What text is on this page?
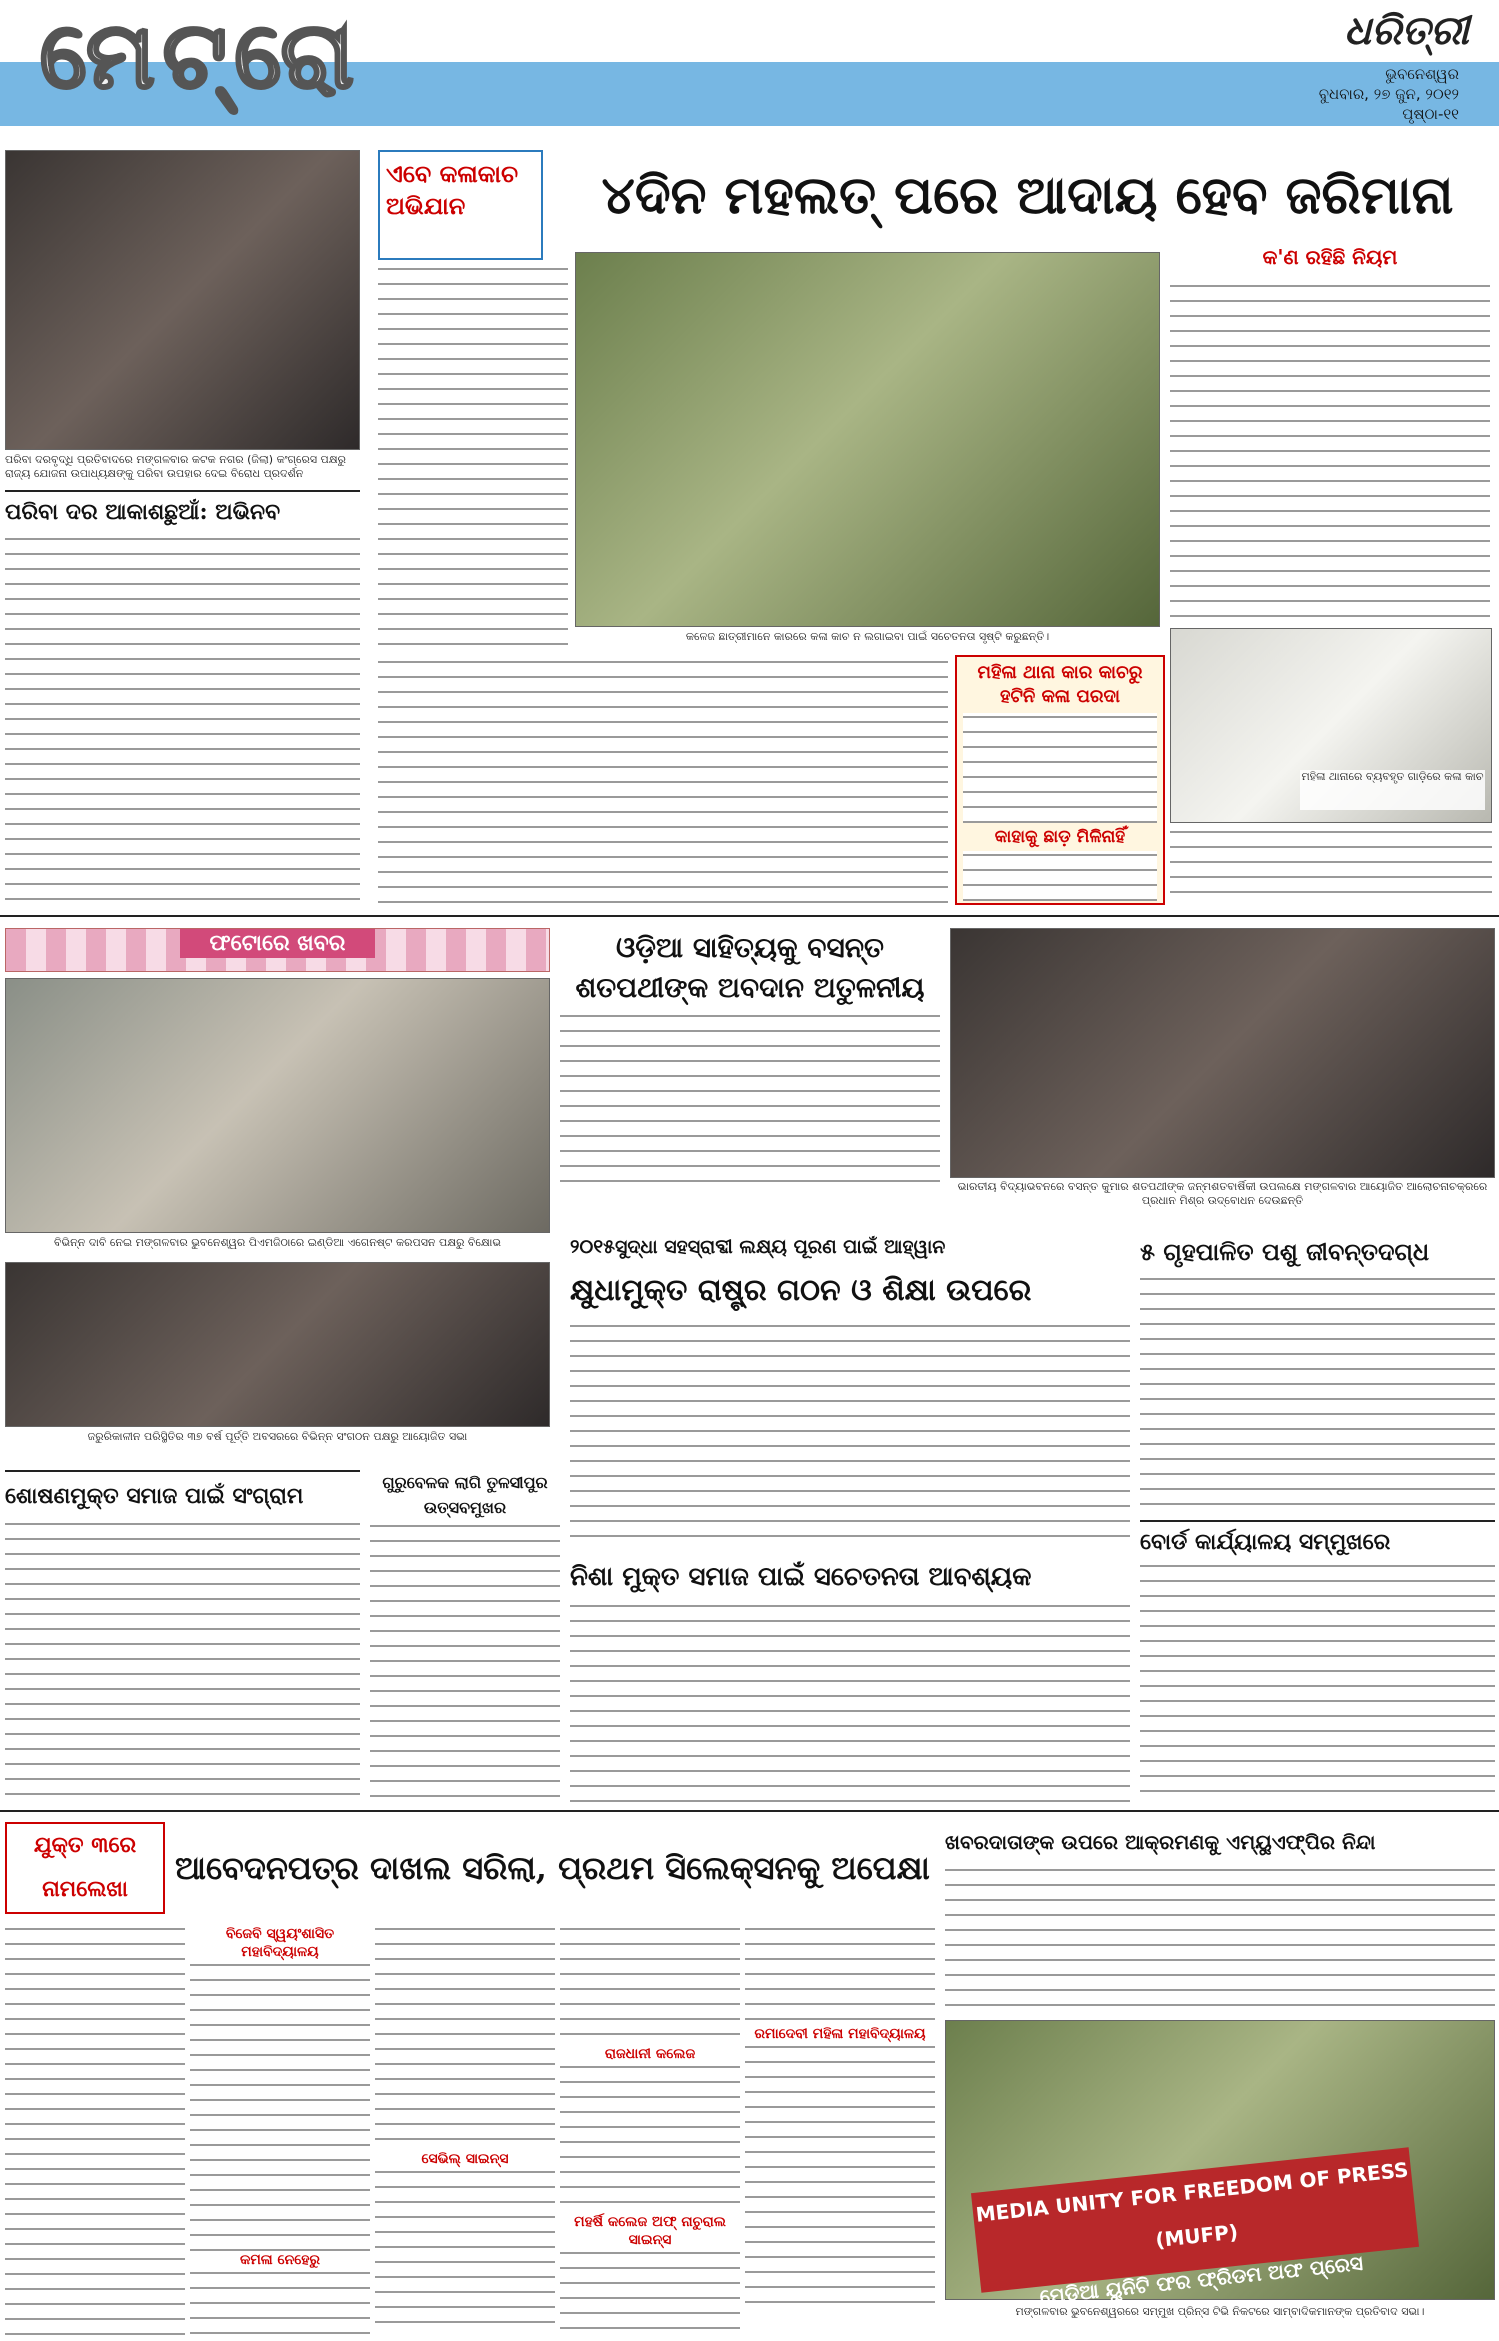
ମେଟ୍ରୋ	ଧରିତ୍ରୀ
ଭୁବନେଶ୍ୱର
ବୁଧବାର, ୨୭ ଜୁନ, ୨୦୧୨
ପୃଷ୍ଠା-୧୧
ପରିବା ଦରବୃଦ୍ଧି ପ୍ରତିବାଦରେ ମଙ୍ଗଳବାର କଟକ ନଗର (ଜିଲା) କଂଗ୍ରେସ ପକ୍ଷରୁ ରାଜ୍ୟ ଯୋଜନା ଉପାଧ୍ୟକ୍ଷଙ୍କୁ ପରିବା ଉପହାର ଦେଇ ବିରୋଧ ପ୍ରଦର୍ଶନ
ପରିବା ଦର ଆକାଶଛୁଆଁ: ଅଭିନବ
ଏବେ କଳାକାଚ ଅଭିଯାନ	୪ଦିନ ମହଲତ୍ ପରେ ଆଦାୟ ହେବ ଜରିମାନା
କଳେଜ ଛାତ୍ରୀମାନେ କାରରେ କଳା କାଚ ନ ଲଗାଇବା ପାଇଁ ସଚେତନତା ସୃଷ୍ଟି କରୁଛନ୍ତି।
କ'ଣ ରହିଛି ନିୟମ
ମହିଳା ଥାନାରେ ବ୍ୟବହୃତ ଗାଡ଼ିରେ କଳା କାଚ
ମହିଳା ଥାନା କାର କାଚରୁ ହଟିନି କଳା ପରଦା
କାହାକୁ ଛାଡ଼ ମିଳିନାହିଁ
ଫଟୋରେ ଖବର
ବିଭିନ୍ନ ଦାବି ନେଇ ମଙ୍ଗଳବାର ଭୁବନେଶ୍ୱର ପିଏମଜିଠାରେ ଇଣ୍ଡିଆ ଏଗେନଷ୍ଟ କରପସନ ପକ୍ଷରୁ ବିକ୍ଷୋଭ
ଜରୁରିକାଳୀନ ପରିସ୍ଥିତିର ୩୭ ବର୍ଷ ପୂର୍ତ୍ତି ଅବସରରେ ବିଭିନ୍ନ ସଂଗଠନ ପକ୍ଷରୁ ଆୟୋଜିତ ସଭା
ଓଡ଼ିଆ ସାହିତ୍ୟକୁ ବସନ୍ତ ଶତପଥୀଙ୍କ ଅବଦାନ ଅତୁଳନୀୟ
ଭାରତୀୟ ବିଦ୍ୟାଭବନରେ ବସନ୍ତ କୁମାର ଶତପଥୀଙ୍କ ଜନ୍ମଶତବାର୍ଷିକୀ ଉପଲକ୍ଷେ ମଙ୍ଗଳବାର ଆୟୋଜିତ ଆଲୋଚନାଚକ୍ରରେ ପ୍ରଧାନ ମିଶ୍ର ଉଦ୍‌ବୋଧନ ଦେଉଛନ୍ତି
୨୦୧୫ସୁଦ୍ଧା ସହସ୍ରାବ୍ଦୀ ଲକ୍ଷ୍ୟ ପୂରଣ ପାଇଁ ଆହ୍ୱାନ
କ୍ଷୁଧାମୁକ୍ତ ରାଷ୍ଟ୍ର ଗଠନ ଓ ଶିକ୍ଷା ଉପରେ
୫ ଗୃହପାଳିତ ପଶୁ ଜୀବନ୍ତଦଗ୍ଧ
ବୋର୍ଡ କାର୍ଯ୍ୟାଳୟ ସମ୍ମୁଖରେ
ଶୋଷଣମୁକ୍ତ ସମାଜ ପାଇଁ ସଂଗ୍ରାମ
ଗୁରୁବେଳକ ଲାଗି ତୁଳସୀପୁର ଉତ୍ସବମୁଖର
ନିଶା ମୁକ୍ତ ସମାଜ ପାଇଁ ସଚେତନତା ଆବଶ୍ୟକ
ଯୁକ୍ତ ୩ରେ ନାମଲେଖା
ଆବେଦନପତ୍ର ଦାଖଲ ସରିଲା, ପ୍ରଥମ ସିଲେକ୍ସନକୁ ଅପେକ୍ଷା
ବିଜେବି ସ୍ୱୟଂଶାସିତ ମହାବିଦ୍ୟାଳୟ
କମଳା ନେହେରୁ
ସେଭିଲ୍ ସାଇନ୍ସ
ରାଜଧାନୀ କଲେଜ
ମହର୍ଷି କଲେଜ ଅଫ୍ ନାଚୁରାଲ ସାଇନ୍ସ
ରମାଦେବୀ ମହିଳା ମହାବିଦ୍ୟାଳୟ
ଖବରଦାତାଙ୍କ ଉପରେ ଆକ୍ରମଣକୁ ଏମ୍‌ୟୁଏଫ୍‌ପିର ନିନ୍ଦା
MEDIA UNITY FOR FREEDOM OF PRESS (MUFP)
ମେଡିଆ ୟୁନିଟି ଫର ଫ୍ରିଡମ ଅଫ ପ୍ରେସ
ମଙ୍ଗଳବାର ଭୁବନେଶ୍ୱରରେ ସମ୍ମୁଖ ପ୍ରିନ୍ସ ଟିଭି ନିକଟରେ ସାମ୍ବାଦିକମାନଙ୍କ ପ୍ରତିବାଦ ସଭା।
